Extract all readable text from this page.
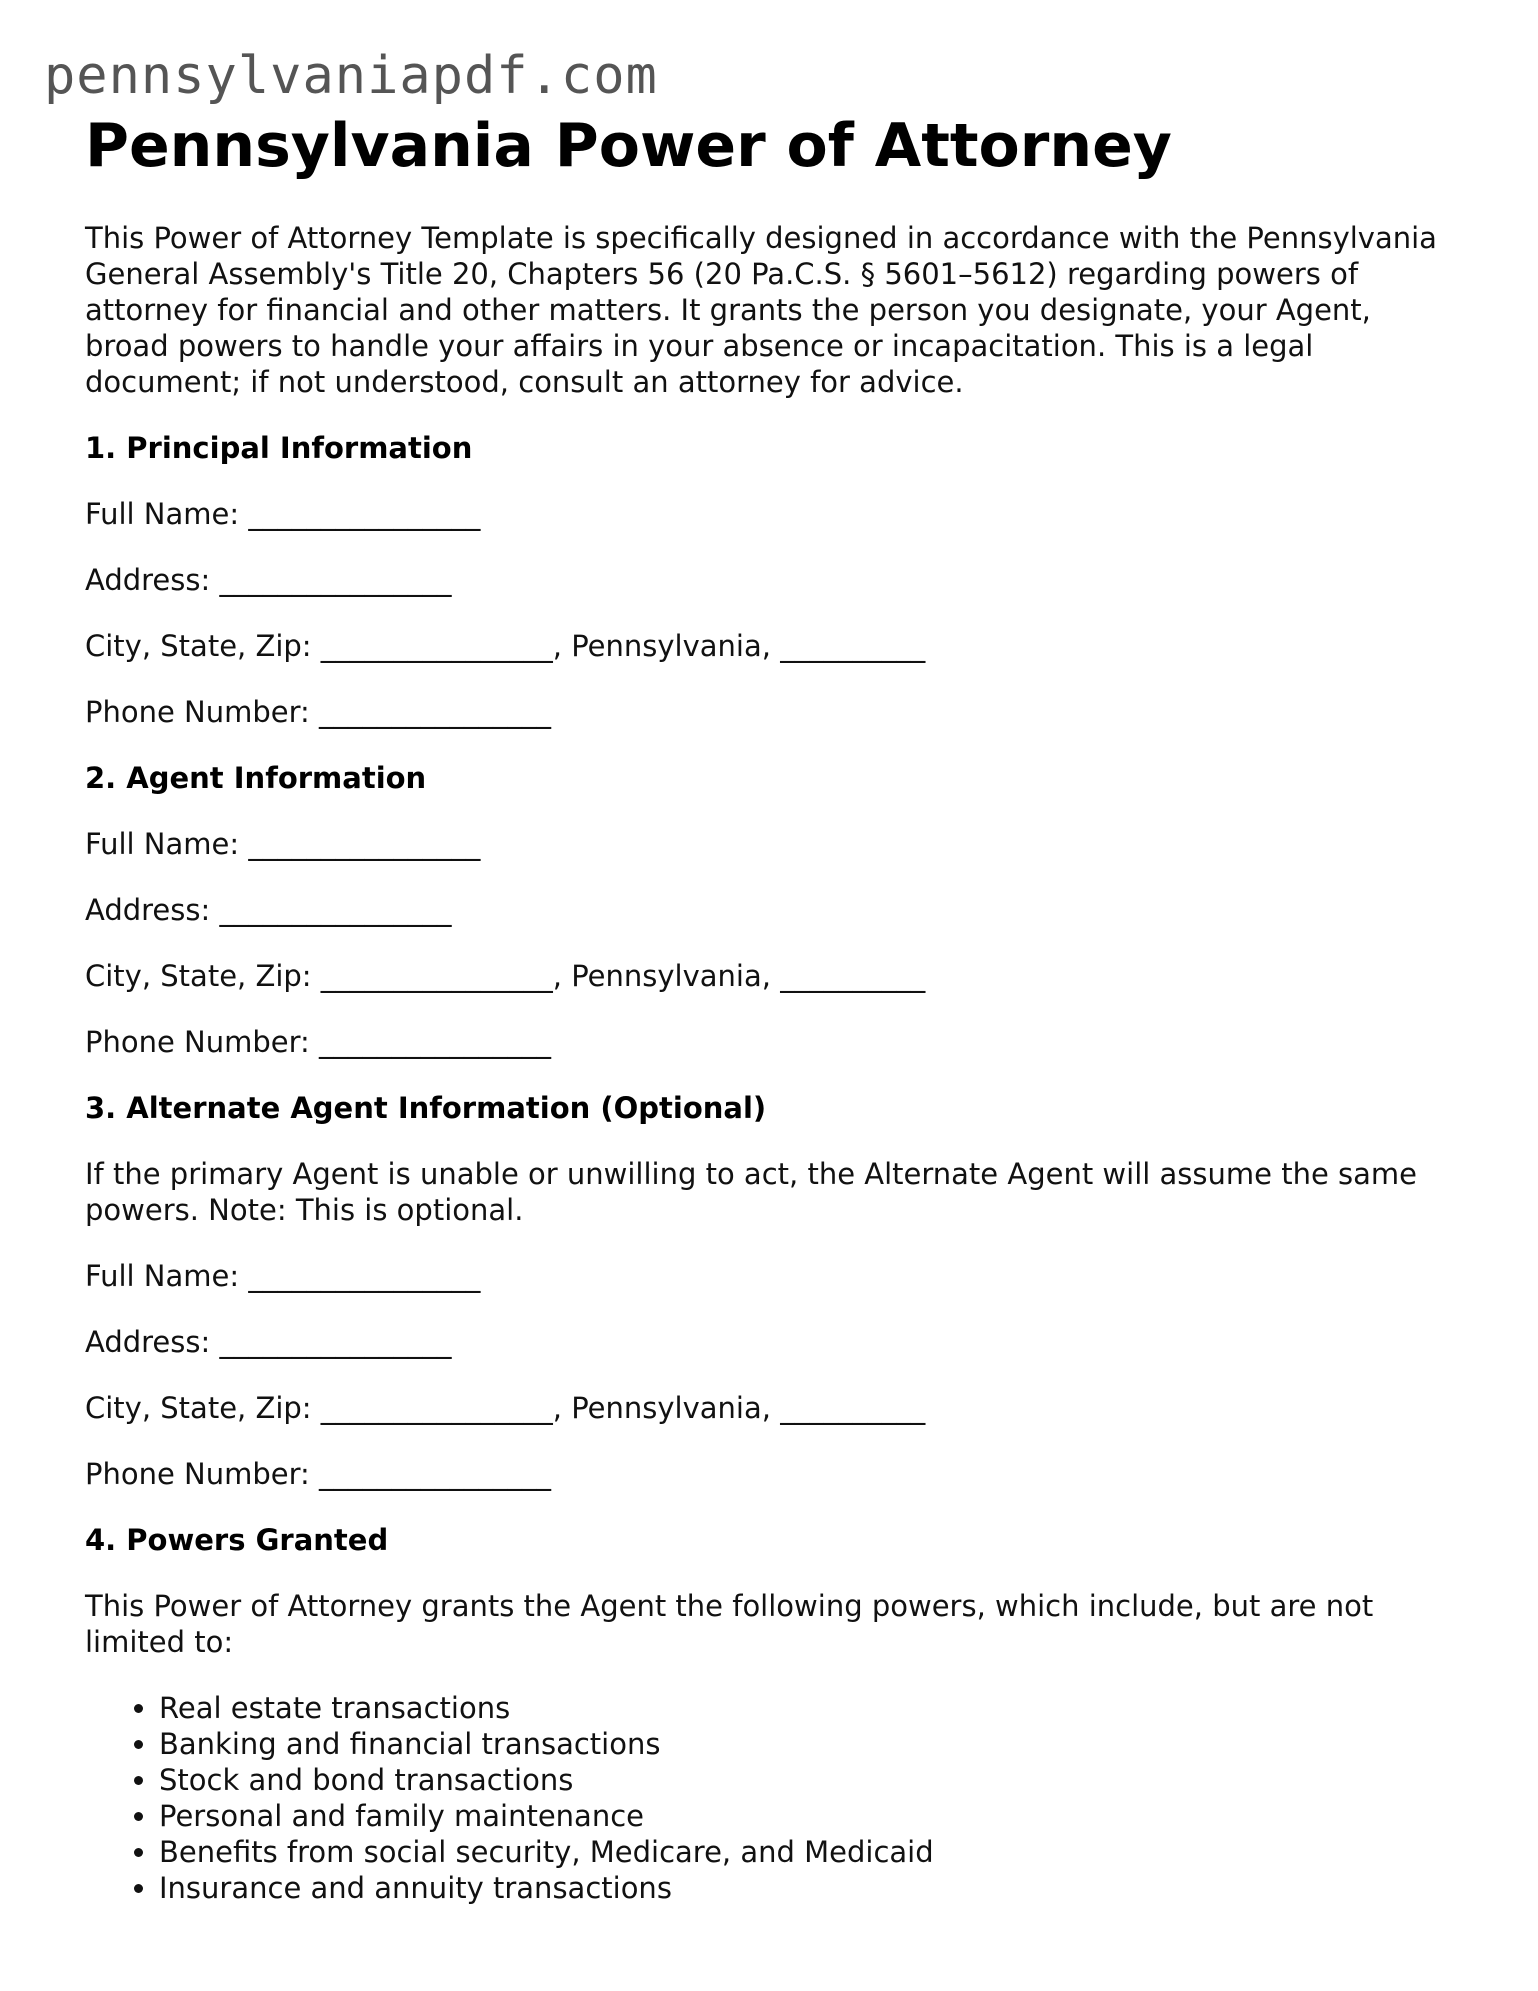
pennsylvaniapdf.com
Pennsylvania Power of Attorney

This Power of Attorney Template is specifically designed in accordance with the Pennsylvania General Assembly's Title 20, Chapters 56 (20 Pa.C.S. § 5601–5612) regarding powers of attorney for financial and other matters. It grants the person you designate, your Agent, broad powers to handle your affairs in your absence or incapacitation. This is a legal document; if not understood, consult an attorney for advice.

1. Principal Information
Full Name: ________________
Address: ________________
City, State, Zip: ________________, Pennsylvania, __________
Phone Number: ________________
2. Agent Information
Full Name: ________________
Address: ________________
City, State, Zip: ________________, Pennsylvania, __________
Phone Number: ________________
3. Alternate Agent Information (Optional)

If the primary Agent is unable or unwilling to act, the Alternate Agent will assume the same powers. Note: This is optional.

Full Name: ________________
Address: ________________
City, State, Zip: ________________, Pennsylvania, __________
Phone Number: ________________
4. Powers Granted

This Power of Attorney grants the Agent the following powers, which include, but are not limited to:

• Real estate transactions
• Banking and financial transactions
• Stock and bond transactions
• Personal and family maintenance
• Benefits from social security, Medicare, and Medicaid
• Insurance and annuity transactions
